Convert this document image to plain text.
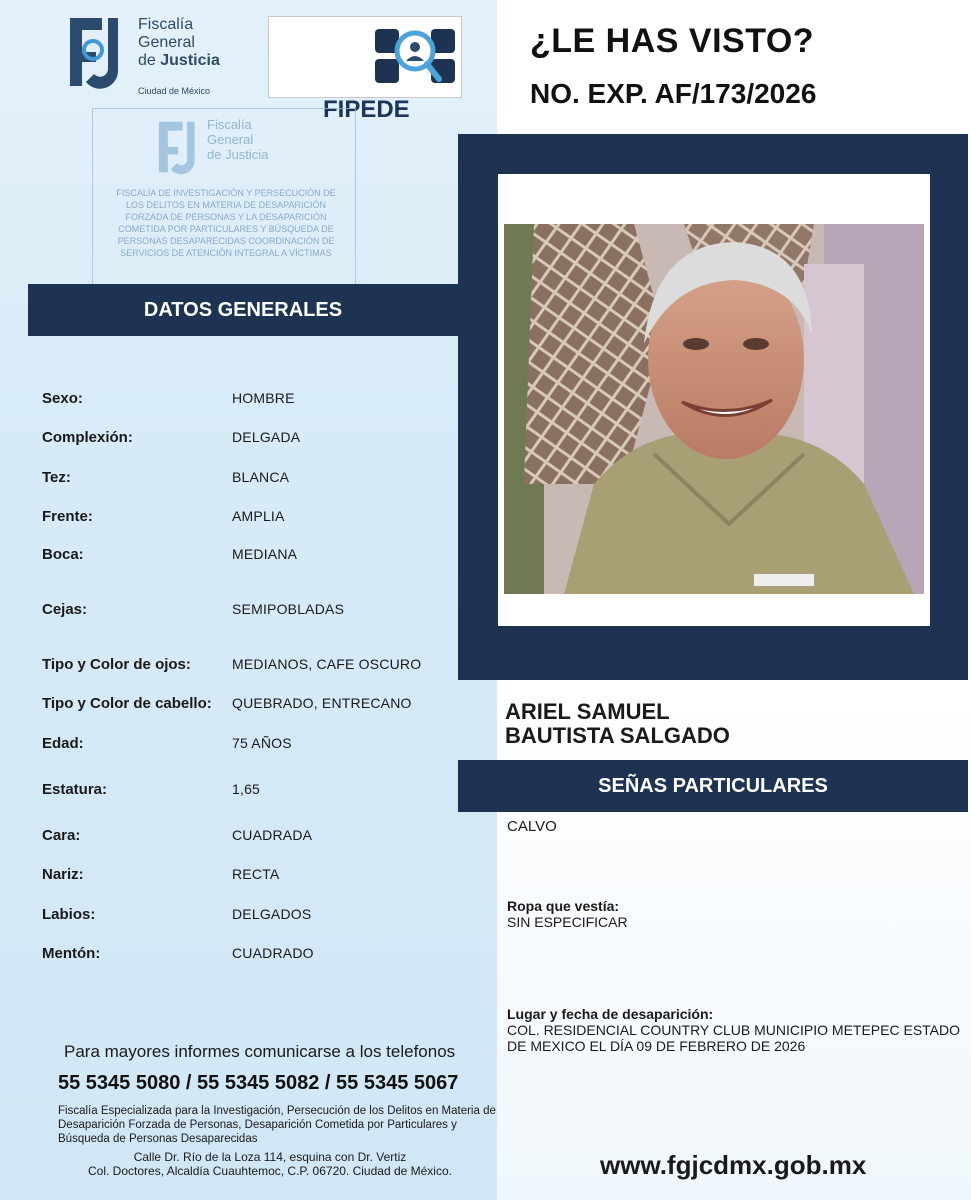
Fiscalía
General
de Justicia
Ciudad de México
FIPEDE
¿LE HAS VISTO?
NO. EXP. AF/173/2026
Fiscalía
General
de Justicia
FISCALÍA DE INVESTIGACIÓN Y PERSECUCIÓN DE LOS DELITOS EN MATERIA DE DESAPARICIÓN FORZADA DE PERSONAS Y LA DESAPARICIÓN COMETIDA POR PARTICULARES Y BÚSQUEDA DE PERSONAS DESAPARECIDAS COORDINACIÓN DE SERVICIOS DE ATENCIÓN INTEGRAL A VÍCTIMAS
DATOS GENERALES
Sexo:	HOMBRE
Complexión:	DELGADA
Tez:	BLANCA
Frente:	AMPLIA
Boca:	MEDIANA
Cejas:	SEMIPOBLADAS
Tipo y Color de ojos:	MEDIANOS, CAFE OSCURO
Tipo y Color de cabello: QUEBRADO, ENTRECANO
Edad:	75 AÑOS
Estatura:	1,65
Cara:	CUADRADA
Nariz:	RECTA
Labios:	DELGADOS
Mentón:	CUADRADO
ARIEL SAMUEL
BAUTISTA SALGADO
SEÑAS PARTICULARES
CALVO
Ropa que vestía:
SIN ESPECIFICAR
Lugar y fecha de desaparición:
COL. RESIDENCIAL COUNTRY CLUB MUNICIPIO METEPEC ESTADO DE MEXICO EL DÍA 09 DE FEBRERO DE 2026
Para mayores informes comunicarse a los telefonos
55 5345 5080 / 55 5345 5082 / 55 5345 5067
Fiscalía Especializada para la Investigación, Persecución de los Delitos en Materia de Desaparición Forzada de Personas, Desaparición Cometida por Particulares y Búsqueda de Personas Desaparecidas
Calle Dr. Río de la Loza 114, esquina con Dr. Vertiz
Col. Doctores, Alcaldía Cuauhtemoc, C.P. 06720. Ciudad de México.	www.fgjcdmx.gob.mx
